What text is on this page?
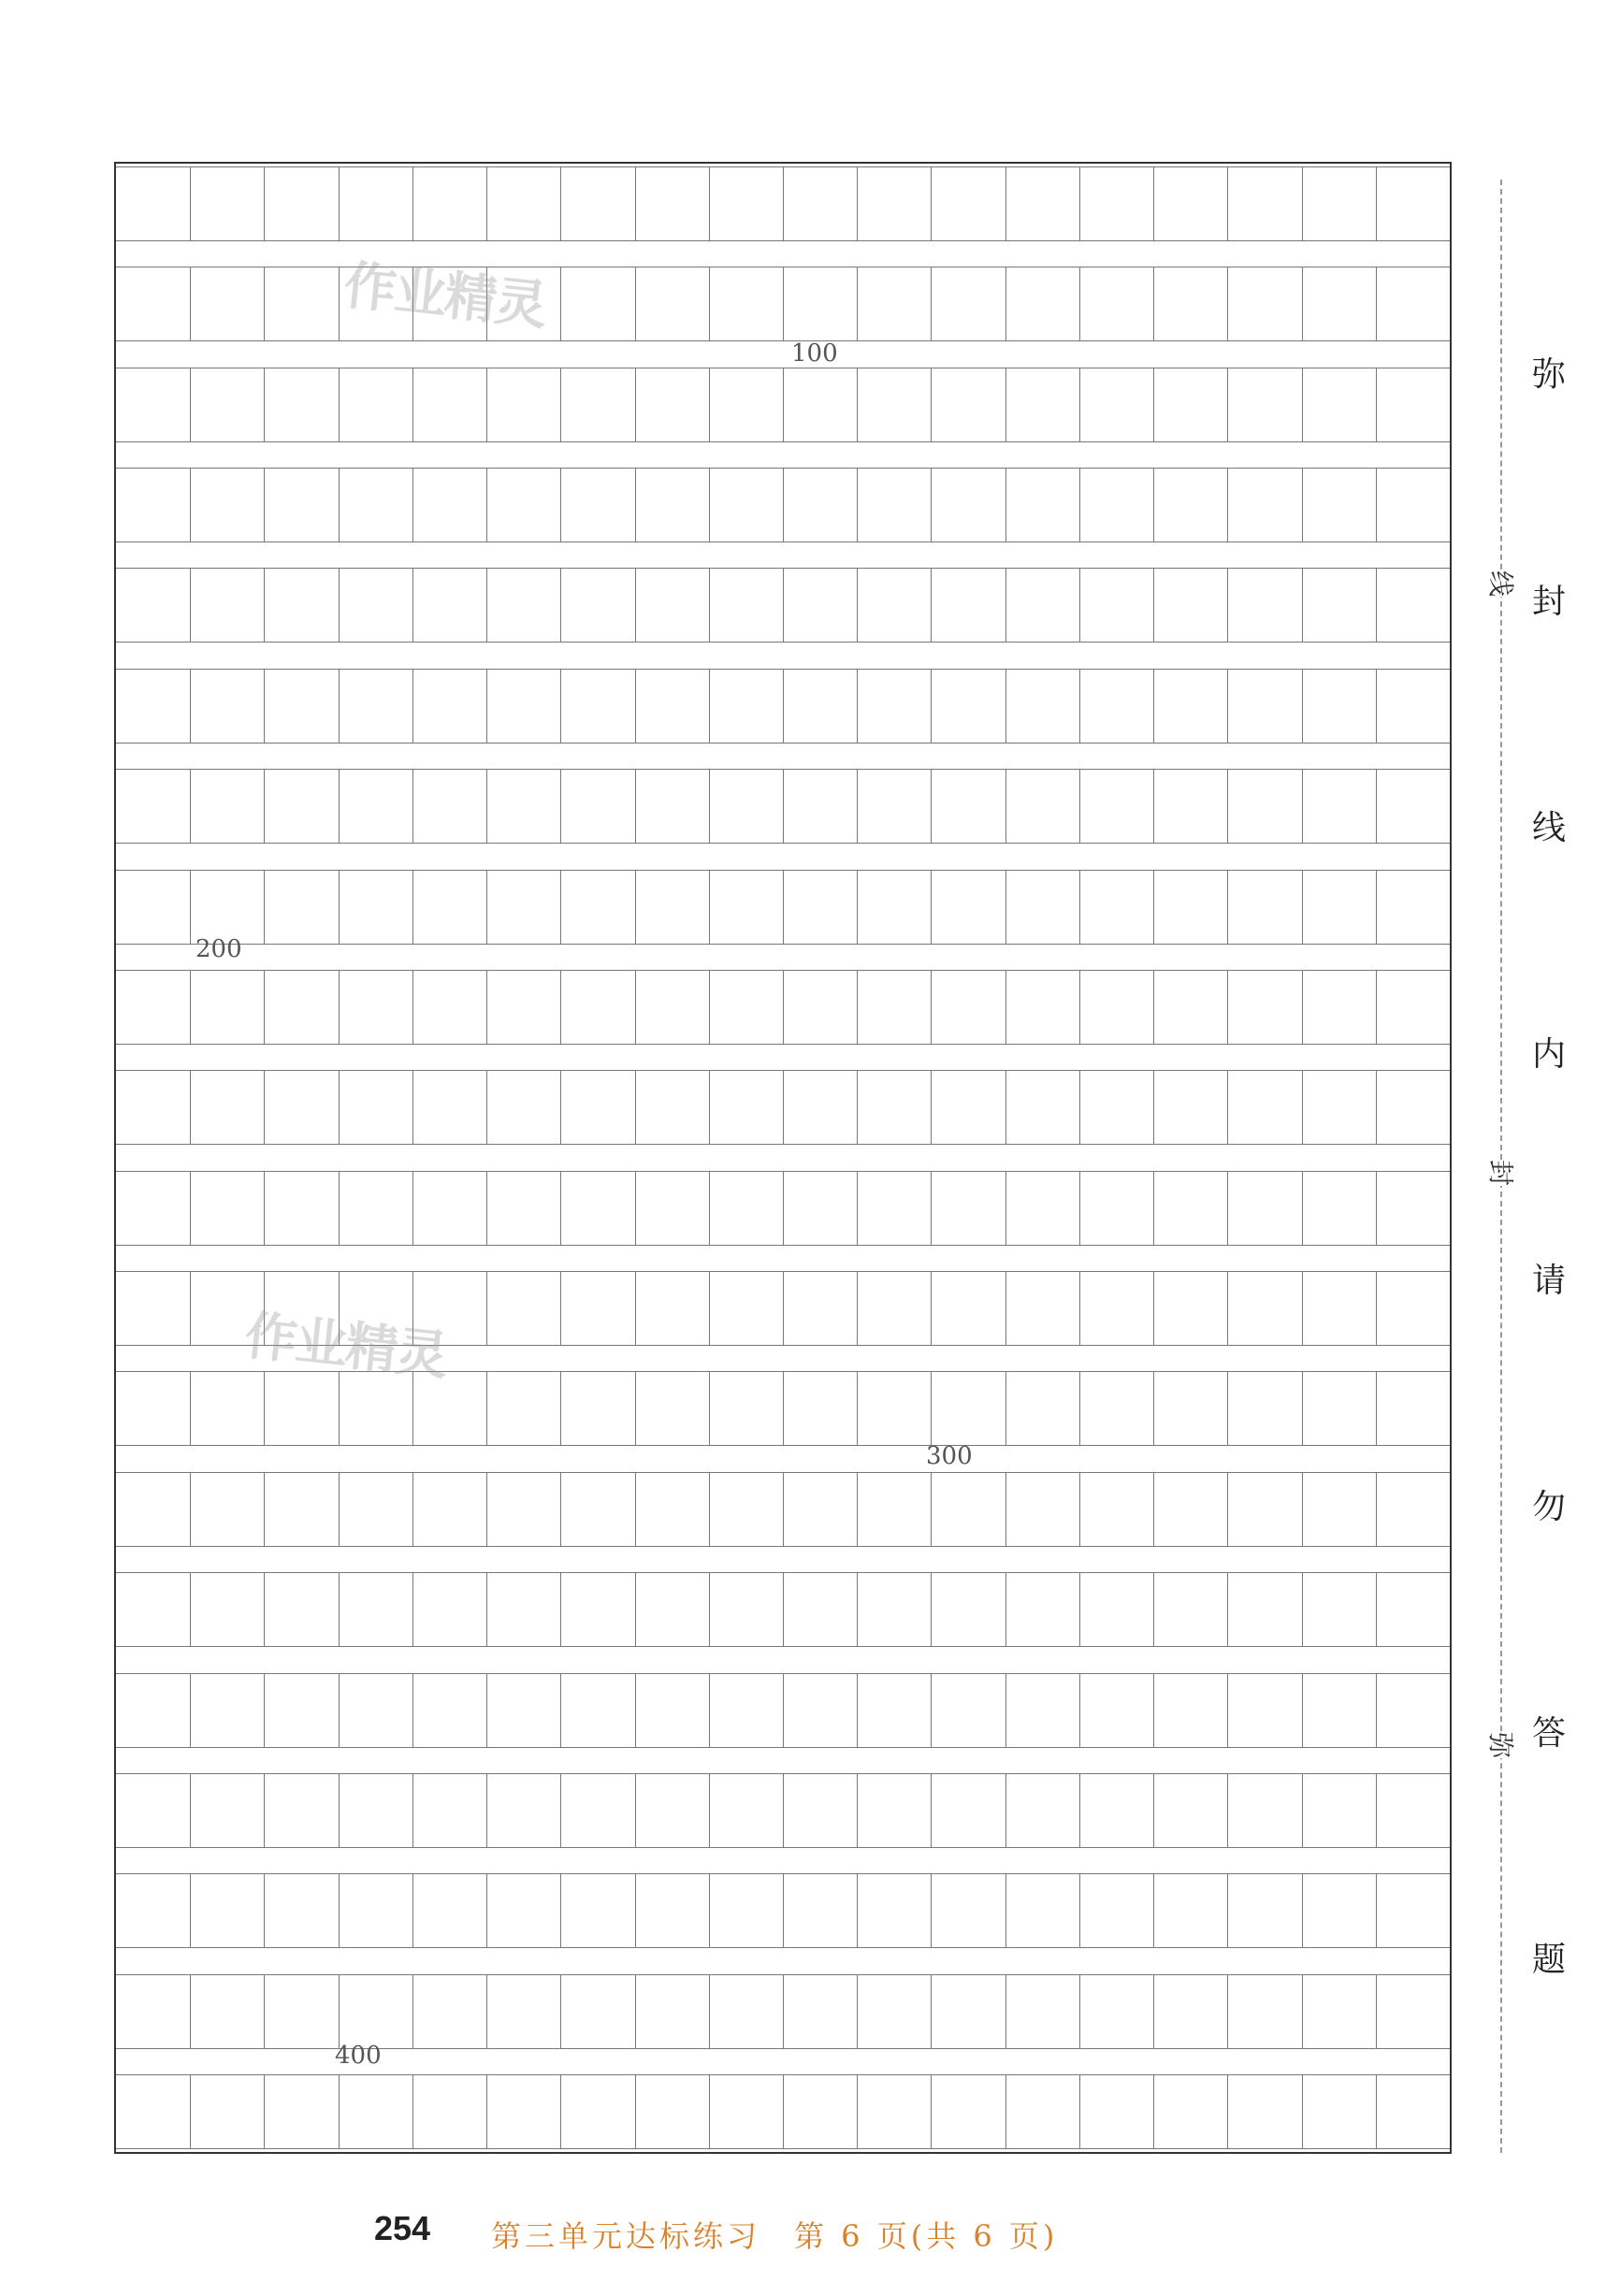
100
200
300
400
作业精灵
作业精灵
线
封
弥
弥
封
线
内
请
勿
答
题
254 第三单元达标练习　第 6 页(共 6 页)
